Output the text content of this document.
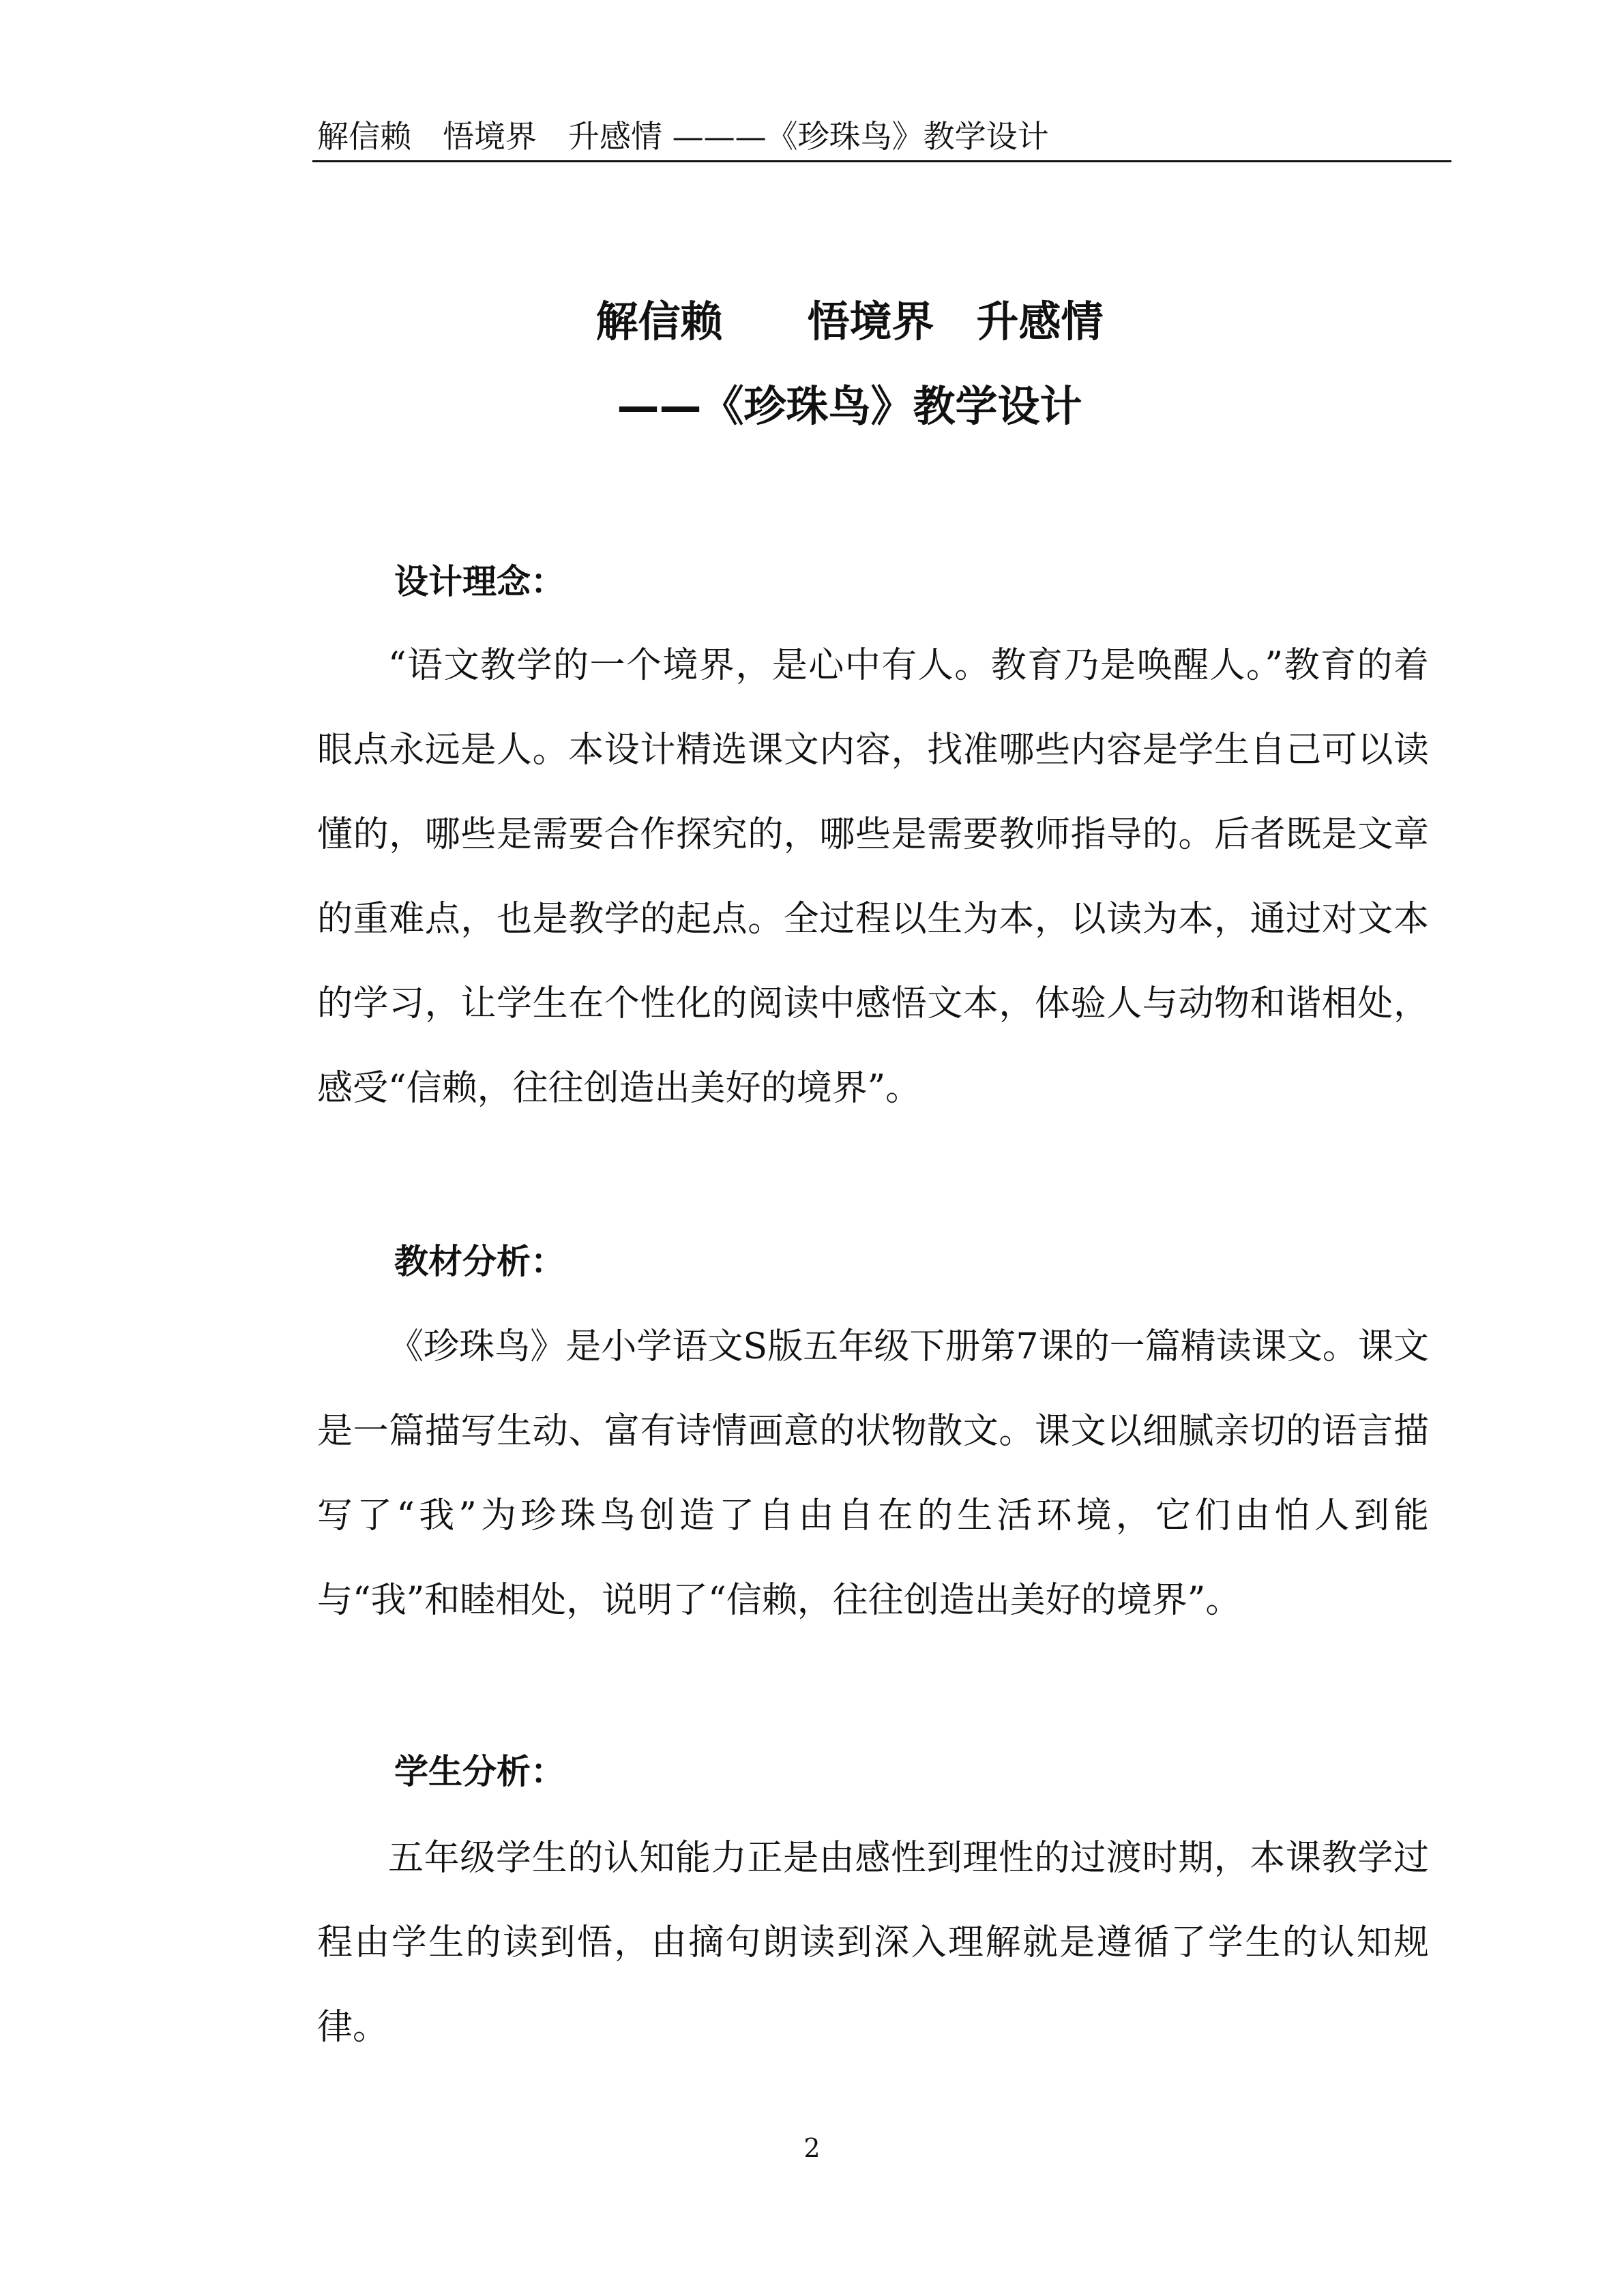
解信赖　悟境界　升感情 ———《珍珠鸟》教学设计
解信赖　　悟境界　升感情
——《珍珠鸟》教学设计
设计理念：

“语文教学的一个境界，是心中有人。教育乃是唤醒人。”教育的着眼点永远是人。本设计精选课文内容，找准哪些内容是学生自己可以读懂的，哪些是需要合作探究的，哪些是需要教师指导的。后者既是文章的重难点，也是教学的起点。全过程以生为本，以读为本，通过对文本的学习，让学生在个性化的阅读中感悟文本，体验人与动物和谐相处，感受“信赖，往往创造出美好的境界”。

教材分析：

《珍珠鸟》是小学语文S版五年级下册第7课的一篇精读课文。课文是一篇描写生动、富有诗情画意的状物散文。课文以细腻亲切的语言描写了“我”为珍珠鸟创造了自由自在的生活环境，它们由怕人到能与“我”和睦相处，说明了“信赖，往往创造出美好的境界”。

学生分析：

五年级学生的认知能力正是由感性到理性的过渡时期，本课教学过程由学生的读到悟，由摘句朗读到深入理解就是遵循了学生的认知规律。

2
